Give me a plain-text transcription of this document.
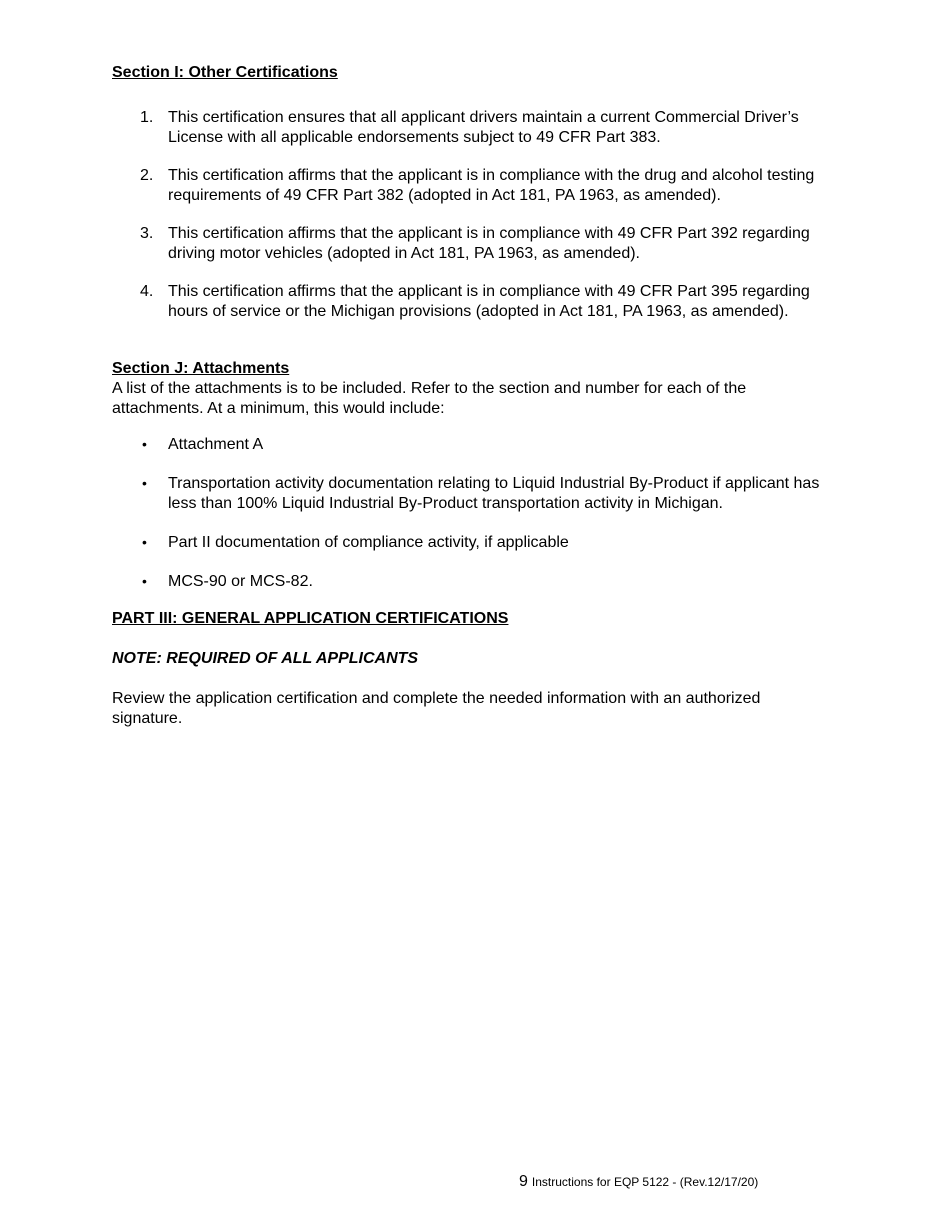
Section I: Other Certifications
1. This certification ensures that all applicant drivers maintain a current Commercial Driver’s License with all applicable endorsements subject to 49 CFR Part 383.
2. This certification affirms that the applicant is in compliance with the drug and alcohol testing requirements of 49 CFR Part 382 (adopted in Act 181, PA 1963, as amended).
3. This certification affirms that the applicant is in compliance with 49 CFR Part 392 regarding driving motor vehicles (adopted in Act 181, PA 1963, as amended).
4. This certification affirms that the applicant is in compliance with 49 CFR Part 395 regarding hours of service or the Michigan provisions (adopted in Act 181, PA 1963, as amended).
Section J: Attachments
A list of the attachments is to be included. Refer to the section and number for each of the attachments. At a minimum, this would include:
• Attachment A
• Transportation activity documentation relating to Liquid Industrial By-Product if applicant has less than 100% Liquid Industrial By-Product transportation activity in Michigan.
• Part II documentation of compliance activity, if applicable
• MCS-90 or MCS-82.
PART III: GENERAL APPLICATION CERTIFICATIONS
NOTE: REQUIRED OF ALL APPLICANTS
Review the application certification and complete the needed information with an authorized signature.
9 Instructions for EQP 5122 - (Rev.12/17/20)
